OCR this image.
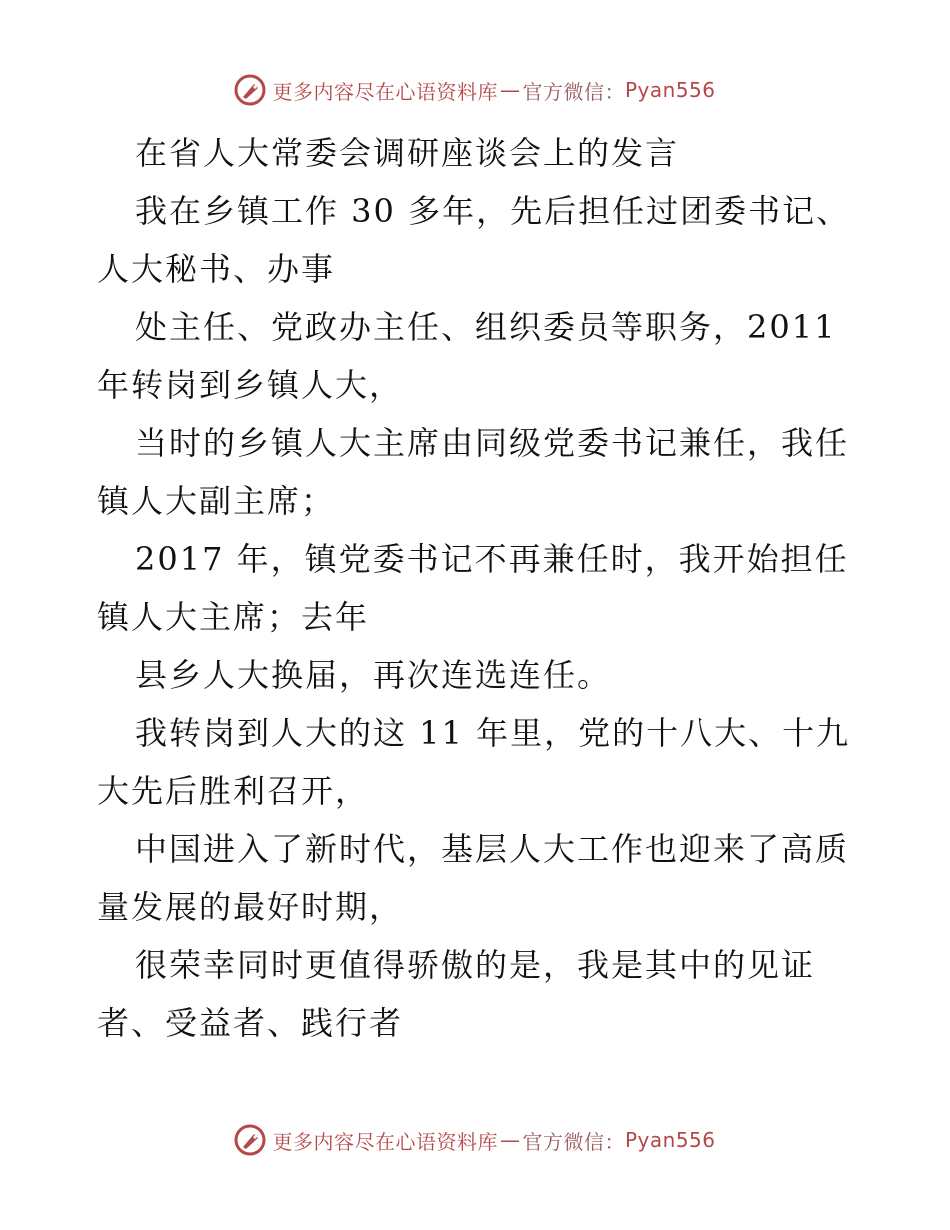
更多内容尽在心语资料库 — 官方微信： Pyan556
在省人大常委会调研座谈会上的发言
我在乡镇工作 30 多年，先后担任过团委书记、
人大秘书、办事
处主任、党政办主任、组织委员等职务，2011
年转岗到乡镇人大，
当时的乡镇人大主席由同级党委书记兼任，我任
镇人大副主席；
2017 年，镇党委书记不再兼任时，我开始担任
镇人大主席；去年
县乡人大换届，再次连选连任。
我转岗到人大的这 11 年里，党的十八大、十九
大先后胜利召开，
中国进入了新时代，基层人大工作也迎来了高质
量发展的最好时期，
很荣幸同时更值得骄傲的是，我是其中的见证
者、受益者、践行者
更多内容尽在心语资料库 — 官方微信： Pyan556
